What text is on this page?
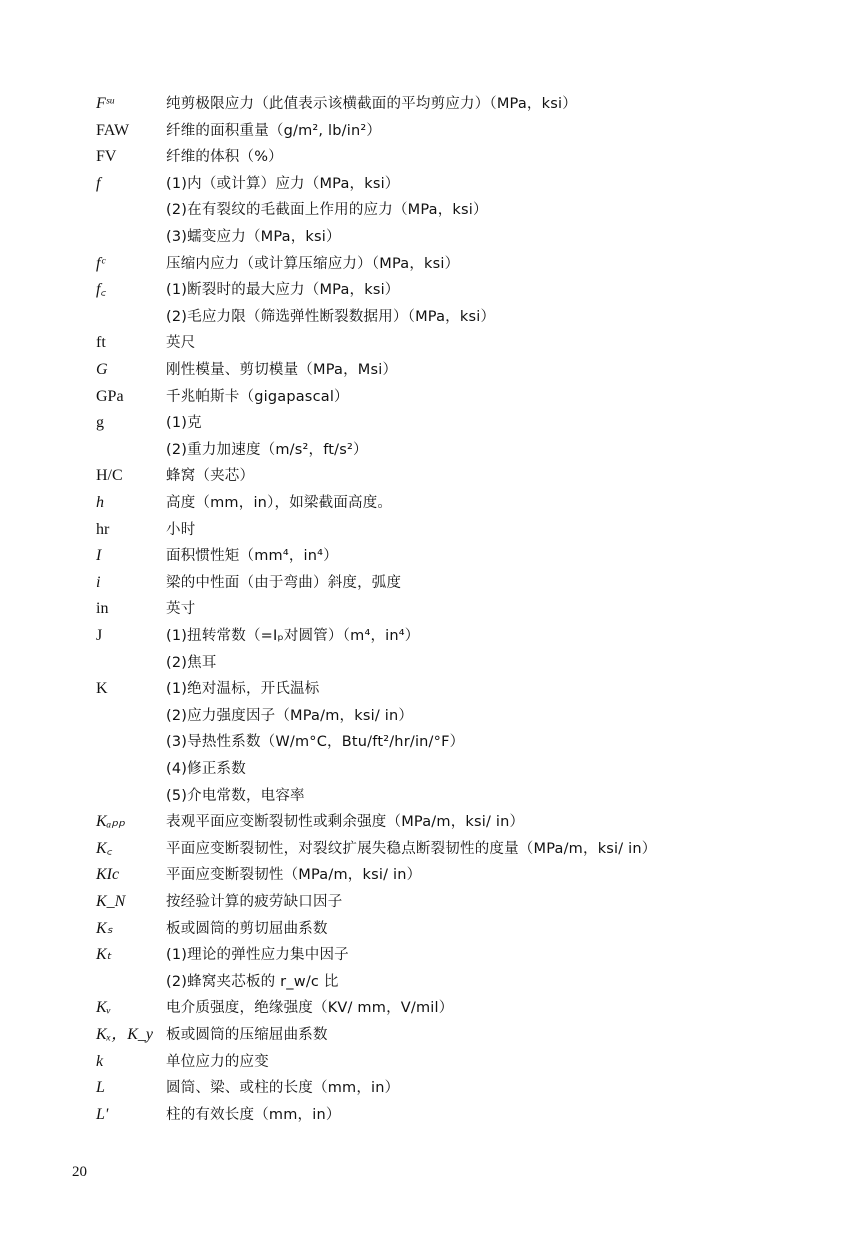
Fˢᵘ	纯剪极限应力（此值表示该横截面的平均剪应力）（MPa，ksi）
FAW	纤维的面积重量（g/m², lb/in²）
FV	纤维的体积（%）
f	(1)内（或计算）应力（MPa，ksi）
(2)在有裂纹的毛截面上作用的应力（MPa，ksi）
(3)蠕变应力（MPa，ksi）
fᶜ	压缩内应力（或计算压缩应力）（MPa，ksi）
f꜀	(1)断裂时的最大应力（MPa，ksi）
(2)毛应力限（筛选弹性断裂数据用）（MPa，ksi）
ft	英尺
G	刚性模量、剪切模量（MPa，Msi）
GPa	千兆帕斯卡（gigapascal）
g	(1)克
(2)重力加速度（m/s²，ft/s²）
H/C	蜂窝（夹芯）
h	高度（mm，in），如梁截面高度。
hr	小时
I	面积惯性矩（mm⁴，in⁴）
i	梁的中性面（由于弯曲）斜度，弧度
in	英寸
J	(1)扭转常数（=Iₚ对圆管）（m⁴，in⁴）
(2)焦耳
K	(1)绝对温标，开氏温标
(2)应力强度因子（MPa/m，ksi/ in）
(3)导热性系数（W/m°C，Btu/ft²/hr/in/°F）
(4)修正系数
(5)介电常数，电容率
Kₐₚₚ	表观平面应变断裂韧性或剩余强度（MPa/m，ksi/ in）
K꜀	平面应变断裂韧性，对裂纹扩展失稳点断裂韧性的度量（MPa/m，ksi/ in）
KIc	平面应变断裂韧性（MPa/m，ksi/ in）
K_N	按经验计算的疲劳缺口因子
Kₛ	板或圆筒的剪切屈曲系数
Kₜ	(1)理论的弹性应力集中因子
(2)蜂窝夹芯板的 r_w/c 比
Kᵥ	电介质强度，绝缘强度（KV/ mm，V/mil）
Kₓ，K_y 板或圆筒的压缩屈曲系数
k	单位应力的应变
L	圆筒、梁、或柱的长度（mm，in）
L'	柱的有效长度（mm，in）
20
